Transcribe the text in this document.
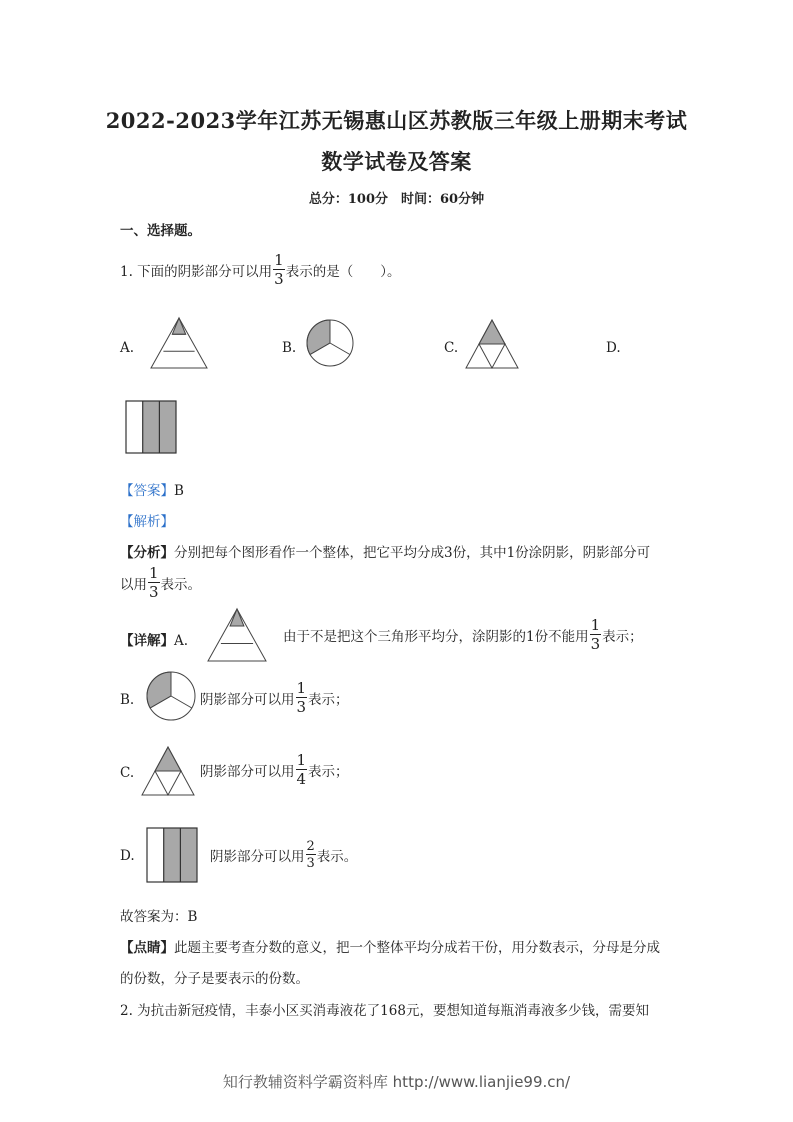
2022-2023学年江苏无锡惠山区苏教版三年级上册期末考试
数学试卷及答案
总分：100分　时间：60分钟
一、选择题。
1. 下面的阴影部分可以用 $\frac{1}{3}$ 表示的是（　　）。
A.	B.	C.	D.
【答案】B
【解析】
【分析】分别把每个图形看作一个整体，把它平均分成3份，其中1份涂阴影，阴影部分可
以用 $\frac{1}{3}$ 表示。
【详解】A.	由于不是把这个三角形平均分，涂阴影的1份不能用 $\frac{1}{3}$ 表示；
B.	阴影部分可以用 $\frac{1}{3}$ 表示；
C.	阴影部分可以用 $\frac{1}{4}$ 表示；
D.	阴影部分可以用 $\frac{2}{3}$ 表示。
故答案为：B
【点睛】此题主要考查分数的意义，把一个整体平均分成若干份，用分数表示，分母是分成
的份数，分子是要表示的份数。
2. 为抗击新冠疫情，丰泰小区买消毒液花了168元，要想知道每瓶消毒液多少钱，需要知
知行教辅资料学霸资料库 http://www.lianjie99.cn/
